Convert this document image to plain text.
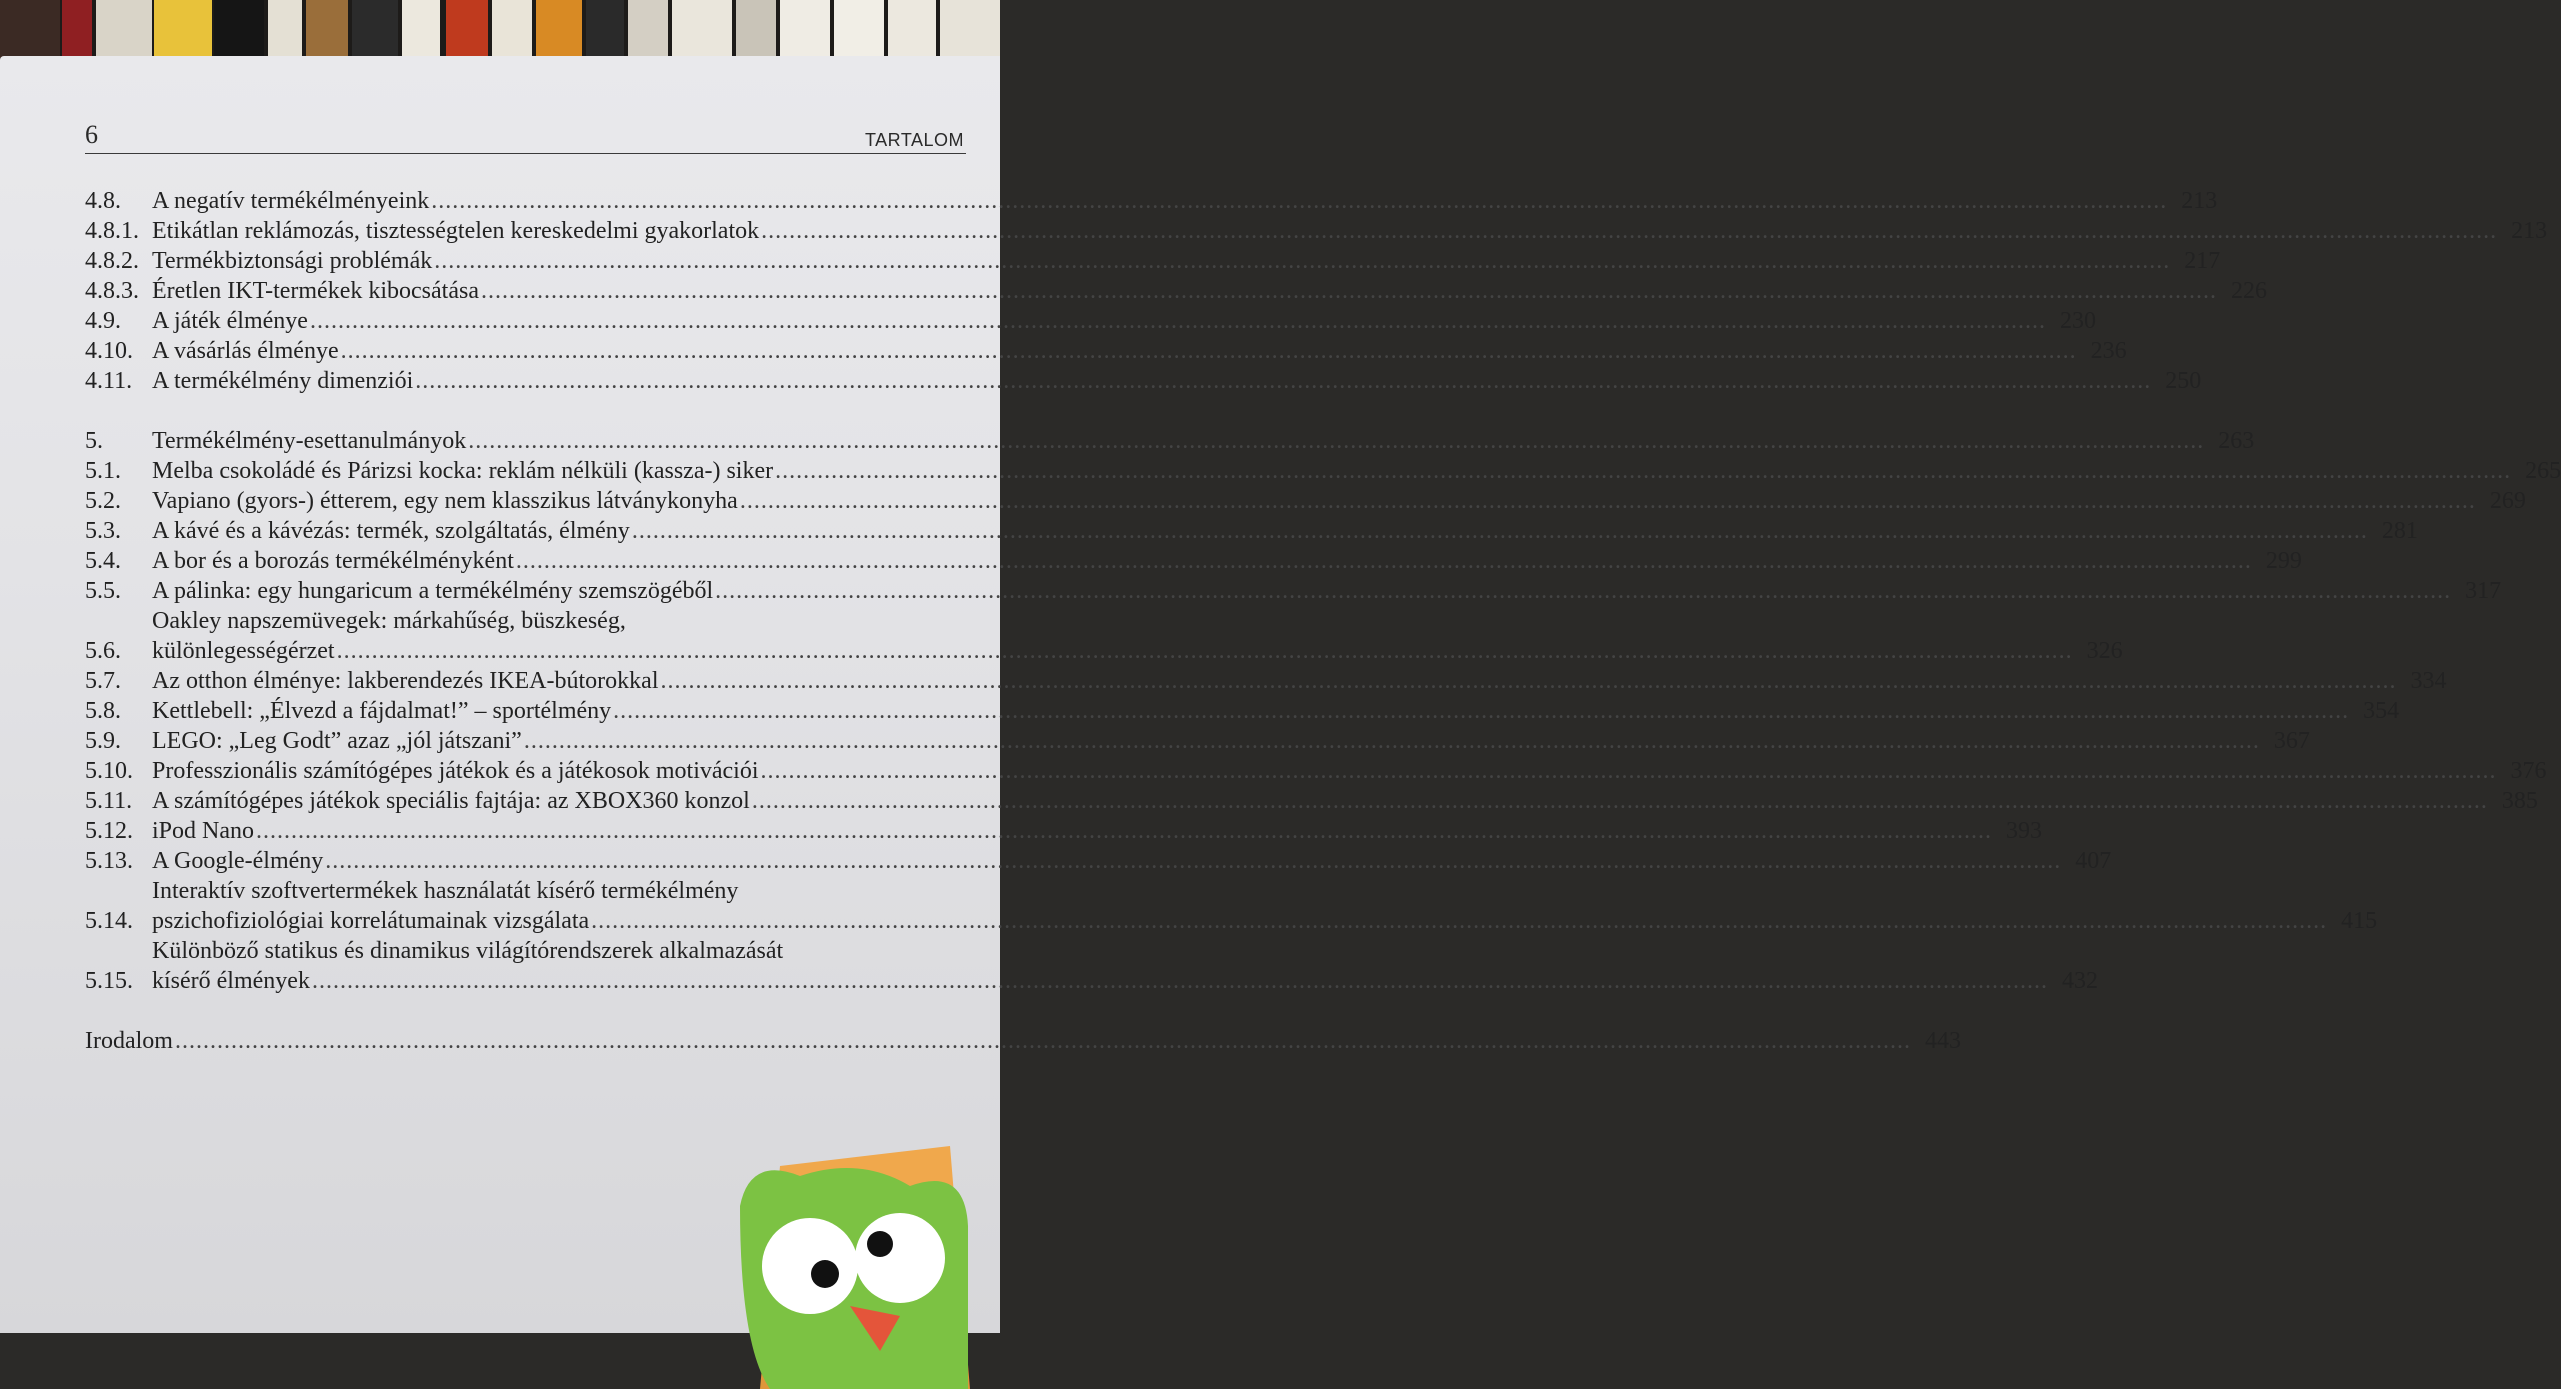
6	TARTALOM
4.8.	A negatív termékélményeink .....	213
4.8.1. Etikátlan reklámozás, tisztességtelen kereskedelmi gyakorlatok .....	213
4.8.2. Termékbiztonsági problémák .....	217
4.8.3. Éretlen IKT-termékek kibocsátása .....	226
4.9.	A játék élménye .....	230
4.10. A vásárlás élménye .....	236
4.11. A termékélmény dimenziói .....	250
5.	Termékélmény-esettanulmányok .....	263
5.1.	Melba csokoládé és Párizsi kocka: reklám nélküli (kassza-) siker .....	265
5.2.	Vapiano (gyors-) étterem, egy nem klasszikus látványkonyha .....	269
5.3.	A kávé és a kávézás: termék, szolgáltatás, élmény .....	281
5.4.	A bor és a borozás termékélményként .....	299
5.5.	A pálinka: egy hungaricum a termékélmény szemszögéből .....	317
5.6.
Oakley napszemüvegek: márkahűség, büszkeség,
különlegességérzet .....	326
5.7.	Az otthon élménye: lakberendezés IKEA-bútorokkal .....	334
5.8.	Kettlebell: „Élvezd a fájdalmat!” – sportélmény .....	354
5.9.	LEGO: „Leg Godt” azaz „jól játszani” .....	367
5.10. Professzionális számítógépes játékok és a játékosok motivációi .....	376
5.11. A számítógépes játékok speciális fajtája: az XBOX360 konzol .....	385
5.12. iPod Nano .....	393
5.13. A Google-élmény .....	407
5.14.
Interaktív szoftvertermékek használatát kísérő termékélmény
pszichofiziológiai korrelátumainak vizsgálata .....	415
5.15.
Különböző statikus és dinamikus világítórendszerek alkalmazását
kísérő élmények .....	432
Irodalom .....	443
